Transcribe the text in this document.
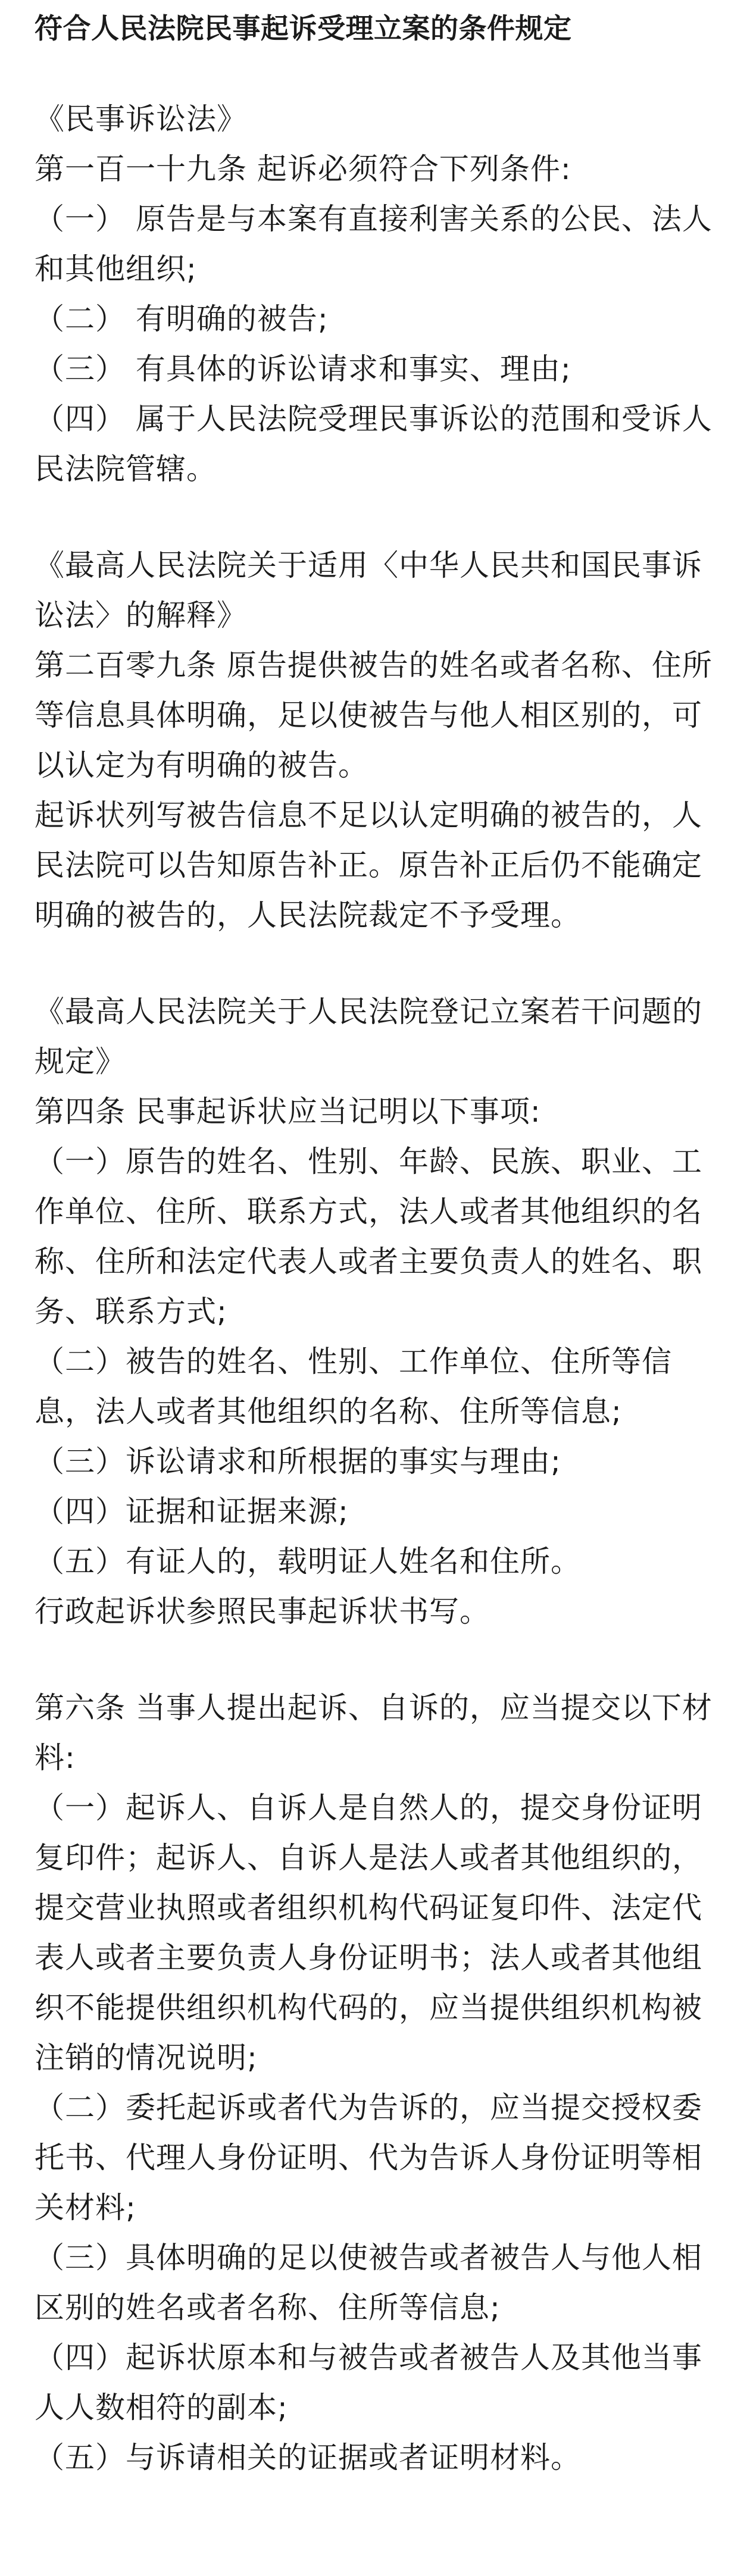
符合人民法院民事起诉受理立案的条件规定
《民事诉讼法》
第一百一十九条 起诉必须符合下列条件:
（一） 原告是与本案有直接利害关系的公民、法人
和其他组织;
（二） 有明确的被告;
（三） 有具体的诉讼请求和事实、理由;
（四） 属于人民法院受理民事诉讼的范围和受诉人
民法院管辖。
《最高人民法院关于适用〈中华人民共和国民事诉
讼法〉的解释》
第二百零九条 原告提供被告的姓名或者名称、住所
等信息具体明确，足以使被告与他人相区别的，可
以认定为有明确的被告。
起诉状列写被告信息不足以认定明确的被告的，人
民法院可以告知原告补正。原告补正后仍不能确定
明确的被告的，人民法院裁定不予受理。
《最高人民法院关于人民法院登记立案若干问题的
规定》
第四条 民事起诉状应当记明以下事项:
（一）原告的姓名、性别、年龄、民族、职业、工
作单位、住所、联系方式，法人或者其他组织的名
称、住所和法定代表人或者主要负责人的姓名、职
务、联系方式;
（二）被告的姓名、性别、工作单位、住所等信
息，法人或者其他组织的名称、住所等信息;
（三）诉讼请求和所根据的事实与理由;
（四）证据和证据来源;
（五）有证人的，载明证人姓名和住所。
行政起诉状参照民事起诉状书写。
第六条 当事人提出起诉、自诉的，应当提交以下材
料:
（一）起诉人、自诉人是自然人的，提交身份证明
复印件；起诉人、自诉人是法人或者其他组织的，
提交营业执照或者组织机构代码证复印件、法定代
表人或者主要负责人身份证明书；法人或者其他组
织不能提供组织机构代码的，应当提供组织机构被
注销的情况说明;
（二）委托起诉或者代为告诉的，应当提交授权委
托书、代理人身份证明、代为告诉人身份证明等相
关材料;
（三）具体明确的足以使被告或者被告人与他人相
区别的姓名或者名称、住所等信息;
（四）起诉状原本和与被告或者被告人及其他当事
人人数相符的副本;
（五）与诉请相关的证据或者证明材料。
